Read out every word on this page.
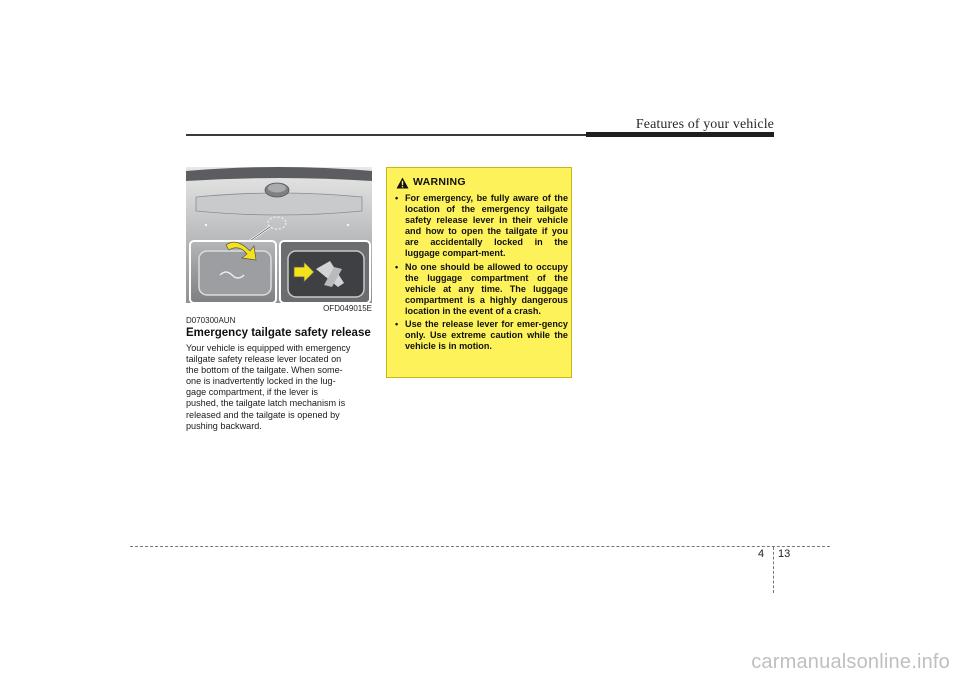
Features of your vehicle
OFD049015E
D070300AUN
Emergency tailgate safety release
Your vehicle is equipped with emergency
tailgate safety release lever located on
the bottom of the tailgate. When some-
one is inadvertently locked in the lug-
gage compartment, if the lever is
pushed, the tailgate latch mechanism is
released and the tailgate is opened by
pushing backward.
WARNING
• For emergency, be fully aware of the location of the emergency tailgate safety release lever in their vehicle and how to open the tailgate if you are accidentally locked in the luggage compart-ment.
• No one should be allowed to occupy the luggage compartment of the vehicle at any time. The luggage compartment is a highly dangerous location in the event of a crash.
• Use the release lever for emer-gency only. Use extreme caution while the vehicle is in motion.
4 13
carmanualsonline.info
